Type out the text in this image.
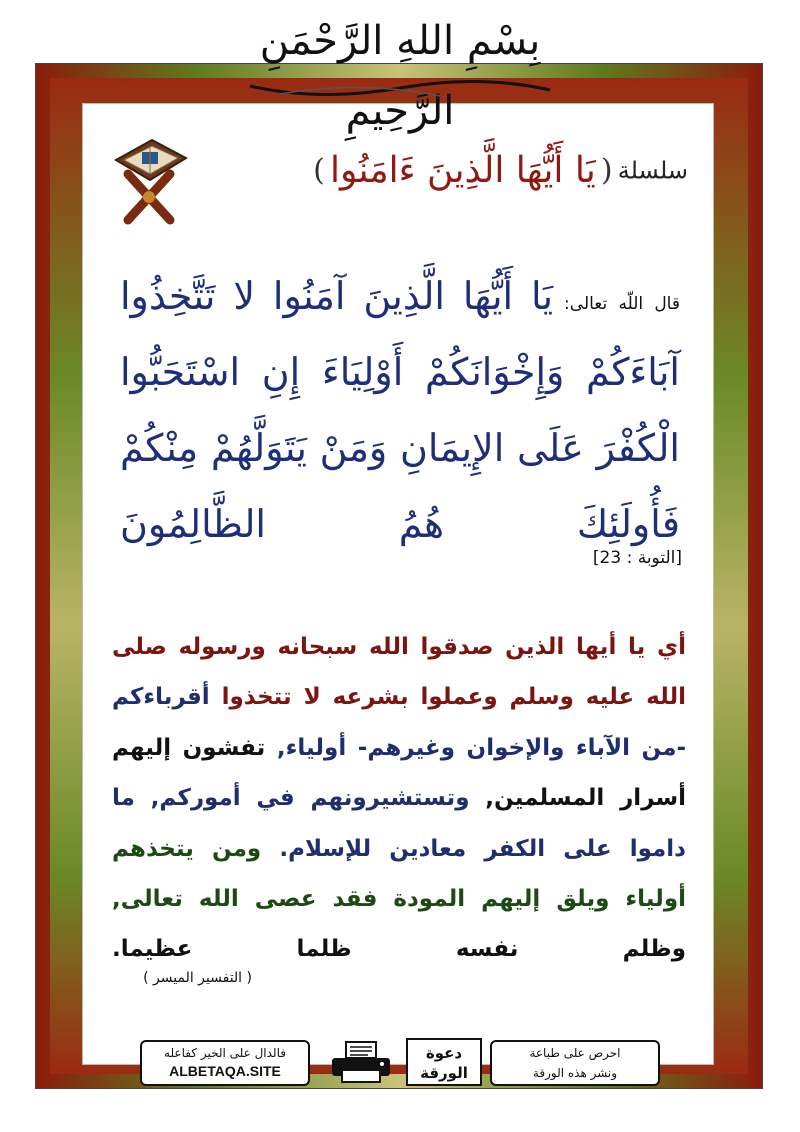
بِسْمِ اللهِ الرَّحْمَنِ الرَّحِيمِ
سلسلة ( يَا أَيُّهَا الَّذِينَ ءَامَنُوا )
قال اللّه تعالى: يَا أَيُّهَا الَّذِينَ آمَنُوا لا تَتَّخِذُوا آبَاءَكُمْ وَإِخْوَانَكُمْ أَوْلِيَاءَ إِنِ اسْتَحَبُّوا الْكُفْرَ عَلَى الإِيمَانِ وَمَنْ يَتَوَلَّهُمْ مِنْكُمْ فَأُولَئِكَ هُمُ الظَّالِمُونَ
[التوبة : 23]
أي يا أيها الذين صدقوا الله سبحانه ورسوله صلى الله عليه وسلم وعملوا بشرعه لا تتخذوا أقرباءكم -من الآباء والإخوان وغيرهم- أولياء, تفشون إليهم أسرار المسلمين, وتستشيرونهم في أموركم, ما داموا على الكفر معادين للإسلام. ومن يتخذهم أولياء ويلق إليهم المودة فقد عصى الله تعالى, وظلم نفسه ظلما عظيما.
( التفسير الميسر )
فالدال على الخير كفاعله
ALBETAQA.SITE
دعوة
الورقة
احرص على طباعة
ونشر هذه الورقة
